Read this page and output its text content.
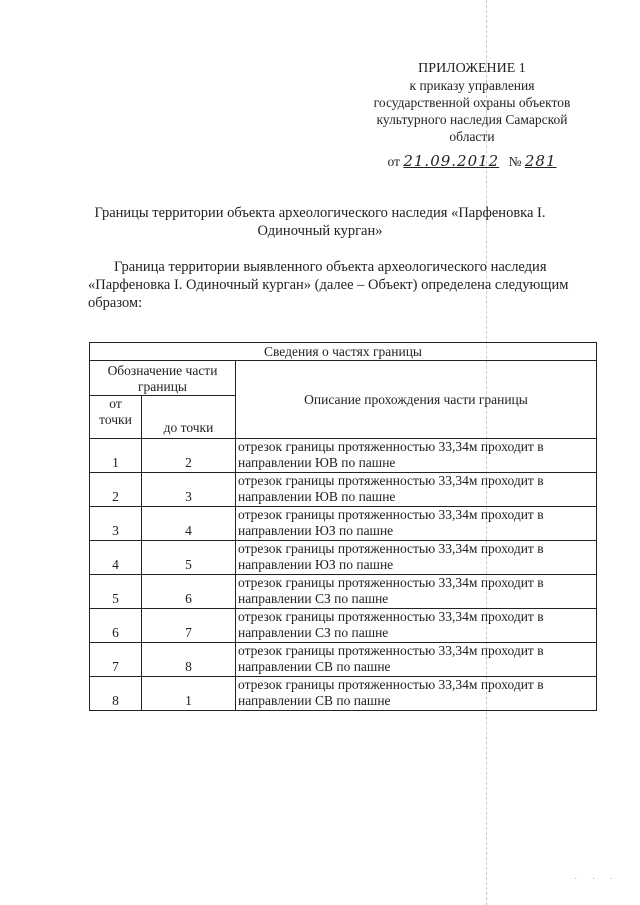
ПРИЛОЖЕНИЕ 1
к приказу управления
государственной охраны объектов
культурного наследия Самарской
области
от 21.09.2012 № 281
Границы территории объекта археологического наследия «Парфеновка I.
Одиночный курган»
Граница территории выявленного объекта археологического наследия
«Парфеновка I. Одиночный курган» (далее – Объект) определена следующим
образом:
Сведения о частях границы		

Обозначение части
границы		Описание прохождения части границы

от
точки	до точки	

1	2	отрезок границы протяженностью 33,34м проходит в
направлении ЮВ по пашне

2	3	отрезок границы протяженностью 33,34м проходит в
направлении ЮВ по пашне

3	4	отрезок границы протяженностью 33,34м проходит в
направлении ЮЗ по пашне

4	5	отрезок границы протяженностью 33,34м проходит в
направлении ЮЗ по пашне

5	6	отрезок границы протяженностью 33,34м проходит в
направлении СЗ по пашне

6	7	отрезок границы протяженностью 33,34м проходит в
направлении СЗ по пашне

7	8	отрезок границы протяженностью 33,34м проходит в
направлении СВ по пашне

8	1	отрезок границы протяженностью 33,34м проходит в
направлении СВ по пашне
· · ·
